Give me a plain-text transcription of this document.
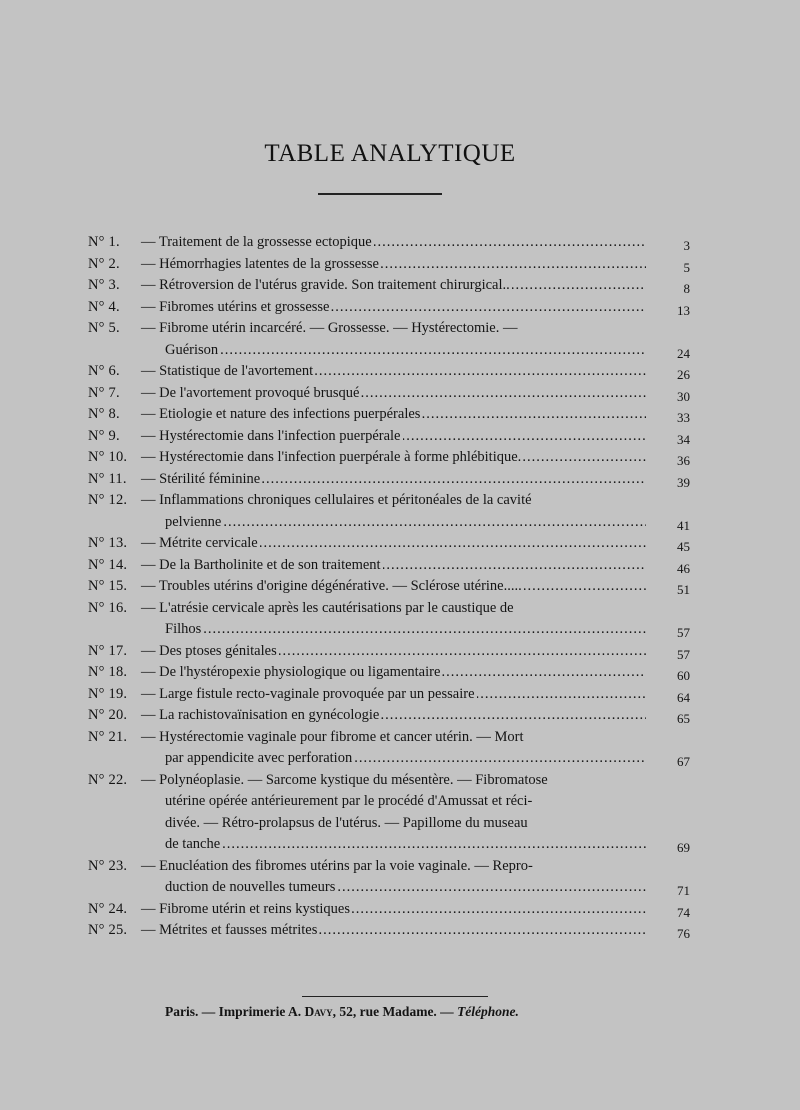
TABLE ANALYTIQUE
N° 1.	— Traitement de la grossesse ectopique .....	3
N° 2.	— Hémorrhagies latentes de la grossesse .....	5
N° 3.	— Rétroversion de l'utérus gravide. Son traitement chirurgical.. .....	8
N° 4.	— Fibromes utérins et grossesse .....	13
N° 5.	— Fibrome utérin incarcéré. — Grossesse. — Hystérectomie. —
Guérison .....	24
N° 6.	— Statistique de l'avortement .....	26
N° 7.	— De l'avortement provoqué brusqué .....	30
N° 8.	— Etiologie et nature des infections puerpérales .....	33
N° 9.	— Hystérectomie dans l'infection puerpérale .....	34
N° 10. — Hystérectomie dans l'infection puerpérale à forme phlébitique. .....	36
N° 11. — Stérilité féminine .....	39
N° 12. — Inflammations chroniques cellulaires et péritonéales de la cavité
pelvienne .....	41
N° 13. — Métrite cervicale .....	45
N° 14. — De la Bartholinite et de son traitement .....	46
N° 15. — Troubles utérins d'origine dégénérative. — Sclérose utérine..... .....	51
N° 16. — L'atrésie cervicale après les cautérisations par le caustique de
Filhos .....	57
N° 17. — Des ptoses génitales .....	57
N° 18. — De l'hystéropexie physiologique ou ligamentaire .....	60
N° 19. — Large fistule recto-vaginale provoquée par un pessaire .....	64
N° 20. — La rachistovaïnisation en gynécologie .....	65
N° 21. — Hystérectomie vaginale pour fibrome et cancer utérin. — Mort
par appendicite avec perforation .....	67
N° 22. — Polynéoplasie. — Sarcome kystique du mésentère. — Fibromatose
utérine opérée antérieurement par le procédé d'Amussat et réci-
divée. — Rétro-prolapsus de l'utérus. — Papillome du museau
de tanche .....	69
N° 23. — Enucléation des fibromes utérins par la voie vaginale. — Repro-
duction de nouvelles tumeurs .....	71
N° 24. — Fibrome utérin et reins kystiques .....	74
N° 25. — Métrites et fausses métrites .....	76
Paris. — Imprimerie A. Davy, 52, rue Madame. — Téléphone.
